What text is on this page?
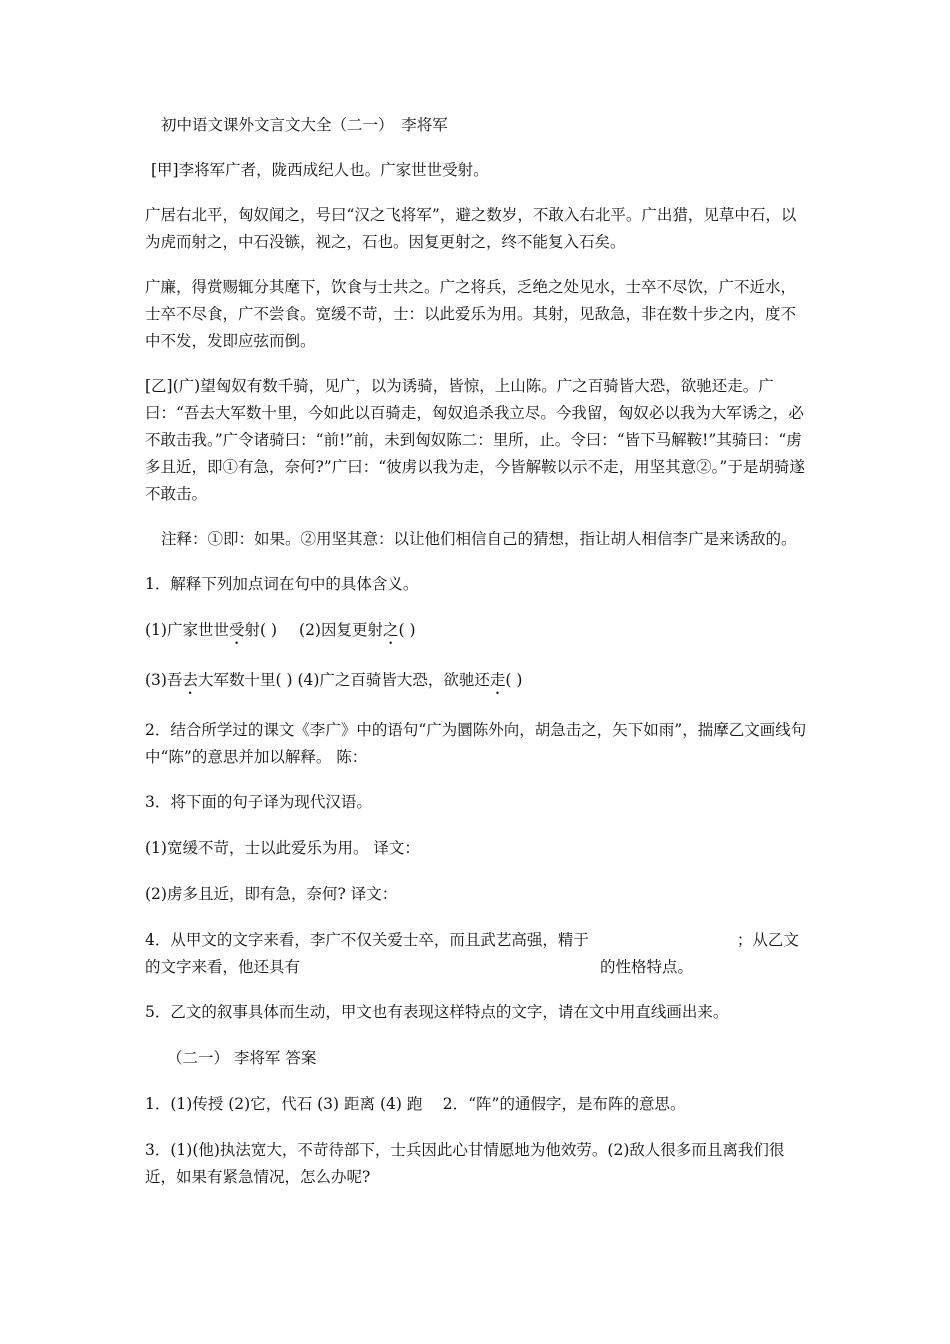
初中语文课外文言文大全（二一）　李将军

[甲]李将军广者，陇西成纪人也。广家世世受射。

广居右北平，匈奴闻之，号曰“汉之飞将军”，避之数岁，不敢入右北平。广出猎，见草中石，以为虎而射之，中石没镞，视之，石也。因复更射之，终不能复入石矣。

广廉，得赏赐辄分其麾下，饮食与士共之。广之将兵，乏绝之处见水，士卒不尽饮，广不近水，士卒不尽食，广不尝食。宽缓不苛，士：以此爱乐为用。其射，见敌急，非在数十步之内，度不中不发，发即应弦而倒。

[乙](广)望匈奴有数千骑，见广，以为诱骑，皆惊，上山陈。广之百骑皆大恐，欲驰还走。广曰：“吾去大军数十里，今如此以百骑走，匈奴追杀我立尽。今我留，匈奴必以我为大军诱之，必不敢击我。”广令诸骑曰：“前!”前，未到匈奴陈二：里所，止。令曰：“皆下马解鞍!”其骑曰：“虏多且近，即①有急，奈何?”广曰：“彼虏以我为走，今皆解鞍以示不走，用坚其意②。”于是胡骑遂不敢击。

注释：①即：如果。②用坚其意：以让他们相信自己的猜想，指让胡人相信李广是来诱敌的。

1．解释下列加点词在句中的具体含义。

(1)广家世世受射( ) (2)因复更射之( )

(3)吾去大军数十里( ) (4)广之百骑皆大恐，欲驰还走( )

2．结合所学过的课文《李广》中的语句“广为圜陈外向，胡急击之，矢下如雨”，揣摩乙文画线句中“陈”的意思并加以解释。 陈：

3．将下面的句子译为现代汉语。

(1)宽缓不苛，士以此爱乐为用。 译文：

(2)虏多且近，即有急，奈何? 译文：

4．从甲文的文字来看，李广不仅关爱士卒，而且武艺高强，精于	；从乙文的文字来看，他还具有	的性格特点。

5．乙文的叙事具体而生动，甲文也有表现这样特点的文字，请在文中用直线画出来。

（二一） 李将军 答案

1．(1)传授 (2)它，代石 (3) 距离 (4) 跑　 2．“阵”的通假字，是布阵的意思。

3．(1)(他)执法宽大，不苛待部下，士兵因此心甘情愿地为他效劳。(2)敌人很多而且离我们很近，如果有紧急情况，怎么办呢?
